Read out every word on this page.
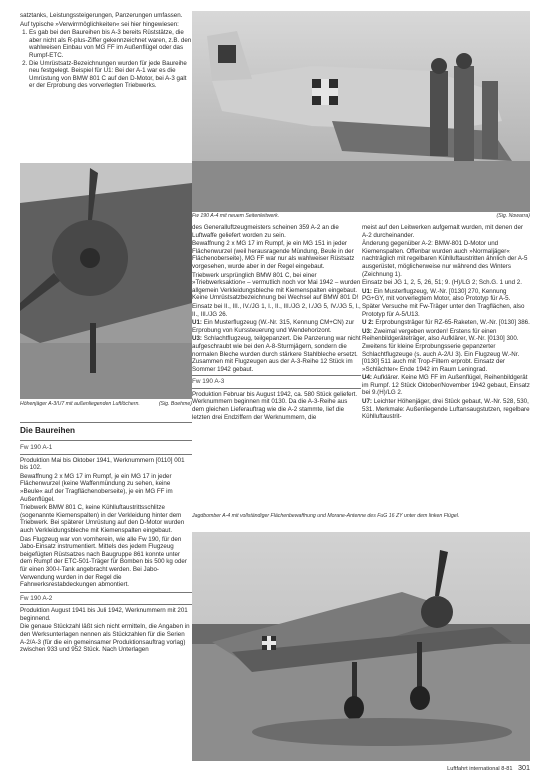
satztanks, Leistungssteigerungen, Panzerungen umfassen.

Auf typische »Verwirrmöglichkeiten« sei hier hingewiesen:

1. Es gab bei den Baureihen bis A-3 bereits Rüststätze, die aber nicht als R-plus-Ziffer gekennzeichnet waren, z.B. den wahlweisen Einbau von MG FF im Außenflügel oder das Rumpf-ETC.
2. Die Umrüstsatz-Bezeichnungen wurden für jede Baureihe neu festgelegt. Beispiel für U1: Bei der A-1 war es die Umrüstung von BMW 801 C auf den D-Motor, bei A-3 galt er der Erprobung des vorverlegten Triebwerks.
Fw 190 A-4 mit neuem Seitenleitwerk.	(Sig. Nowarra)
Höhenjäger A-3/U7 mit außenliegenden Luftlöchern.	(Sig. Boehme)
Die Baureihen
Fw 190 A-1

Produktion Mai bis Oktober 1941, Werknummern [0110] 001 bis 102.

Bewaffnung 2 x MG 17 im Rumpf, je ein MG 17 in jeder Flächenwurzel (keine Waffenmündung zu sehen, keine »Beule« auf der Tragflächenoberseite), je ein MG FF im Außenflügel.

Triebwerk BMW 801 C, keine Kühlluftaustrittsschlitze (sogenannte Kiemenspalten) in der Verkleidung hinter dem Triebwerk. Bei späterer Umrüstung auf den D-Motor wurden auch Verkleidungsbleche mit Kiemenspalten eingebaut.

Das Flugzeug war von vornherein, wie alle Fw 190, für den Jabo-Einsatz instrumentiert. Mittels des jedem Flugzeug beigefügten Rüstsatzes nach Baugruppe 861 konnte unter dem Rumpf der ETC-501-Träger für Bomben bis 500 kg oder für einen 300-l-Tank angebracht werden. Bei Jabo-Verwendung wurden in der Regel die Fahrwerksrestabdeckungen abmontiert.

Fw 190 A-2

Produktion August 1941 bis Juli 1942, Werknummern mit 201 beginnend.

Die genaue Stückzahl läßt sich nicht ermitteln, die Angaben in den Werksunterlagen nennen als Stückzahlen für die Serien A-2/A-3 (für die ein gemeinsamer Produktionsauftrag vorlag) zwischen 933 und 952 Stück. Nach Unterlagen

des Generalluftzeugmeisters scheinen 359 A-2 an die Luftwaffe geliefert worden zu sein.

Bewaffnung 2 x MG 17 im Rumpf, je ein MG 151 in jeder Flächenwurzel (weil herausragende Mündung, Beule in der Flächenoberseite), MG FF war nur als wahlweiser Rüstsatz vorgesehen, wurde aber in der Regel eingebaut.

Triebwerk ursprünglich BMW 801 C, bei einer »Triebwerksaktion« – vermutlich noch vor Mai 1942 – wurden allgemein Verkleidungsbleche mit Kiemenspalten eingebaut. Keine Umrüstsatzbezeichnung bei Wechsel auf BMW 801 D!

Einsatz bei II., III., IV./JG 1, I., II., III./JG 2, I./JG 5, IV./JG 5, I., II., III./JG 26.

U1: Ein Musterflugzeug (W.-Nr. 315, Kennung CM+CN) zur Erprobung von Kurssteuerung und Wendehorizont.

U3: Schlachtflugzeug, teilgepanzert. Die Panzerung war nicht aufgeschraubt wie bei den A-8-Sturmjägern, sondern die normalen Bleche wurden durch stärkere Stahlbleche ersetzt. Zusammen mit Flugzeugen aus der A-3-Reihe 12 Stück im Sommer 1942 gebaut.

Fw 190 A-3

Produktion Februar bis August 1942, ca. 580 Stück geliefert. Werknummern beginnen mit 0130. Da die A-3-Reihe aus dem gleichen Lieferauftrag wie die A-2 stammte, lief die letzten drei Endziffern der Werknummern, die

meist auf den Leitwerken aufgemalt wurden, mit denen der A-2 durcheinander.

Änderung gegenüber A-2: BMW-801 D-Motor und Kiemenspalten. Offenbar wurden auch »Normaljäger« nachträglich mit regelbaren Kühlluftaustritten ähnlich der A-5 ausgerüstet, möglicherweise nur während des Winters (Zeichnung 1).

Einsatz bei JG 1, 2, 5, 26, 51; 9. (H)/LG 2; Sch.G. 1 und 2.

U1: Ein Musterflugzeug, W.-Nr. [0130] 270, Kennung PG+GY, mit vorverlegtem Motor, also Prototyp für A-5. Später Versuche mit Fw-Träger unter den Tragflächen, also Prototyp für A-5/U13.

U 2: Erprobungsträger für RZ-65-Raketen, W.-Nr. [0130] 386.

U3: Zweimal vergeben worden! Erstens für einen Reihenbildgeräteträger, also Aufklärer, W.-Nr. [0130] 300. Zweitens für kleine Erprobungsserie gepanzerter Schlachtflugzeuge (s. auch A-2/U 3). Ein Flugzeug W.-Nr. [0130] 511 auch mit Trop-Filtern erprobt. Einsatz der »Schlächter« Ende 1942 im Raum Leningrad.

U4: Aufklärer. Keine MG FF im Außenflügel, Reihenbildgerät im Rumpf. 12 Stück Oktober/November 1942 gebaut, Einsatz bei 9.(H)/LG 2.

U7: Leichter Höhenjäger, drei Stück gebaut, W.-Nr. 528, 530, 531. Merkmale: Außenliegende Luftansaugstutzen, regelbare Kühlluftaustrit-

Jagdbomber A-4 mit vollständiger Flächenbewaffnung und Morane-Antenne des FuG 16 ZY unter dem linken Flügel.
Luftfahrt international 8-81 301
